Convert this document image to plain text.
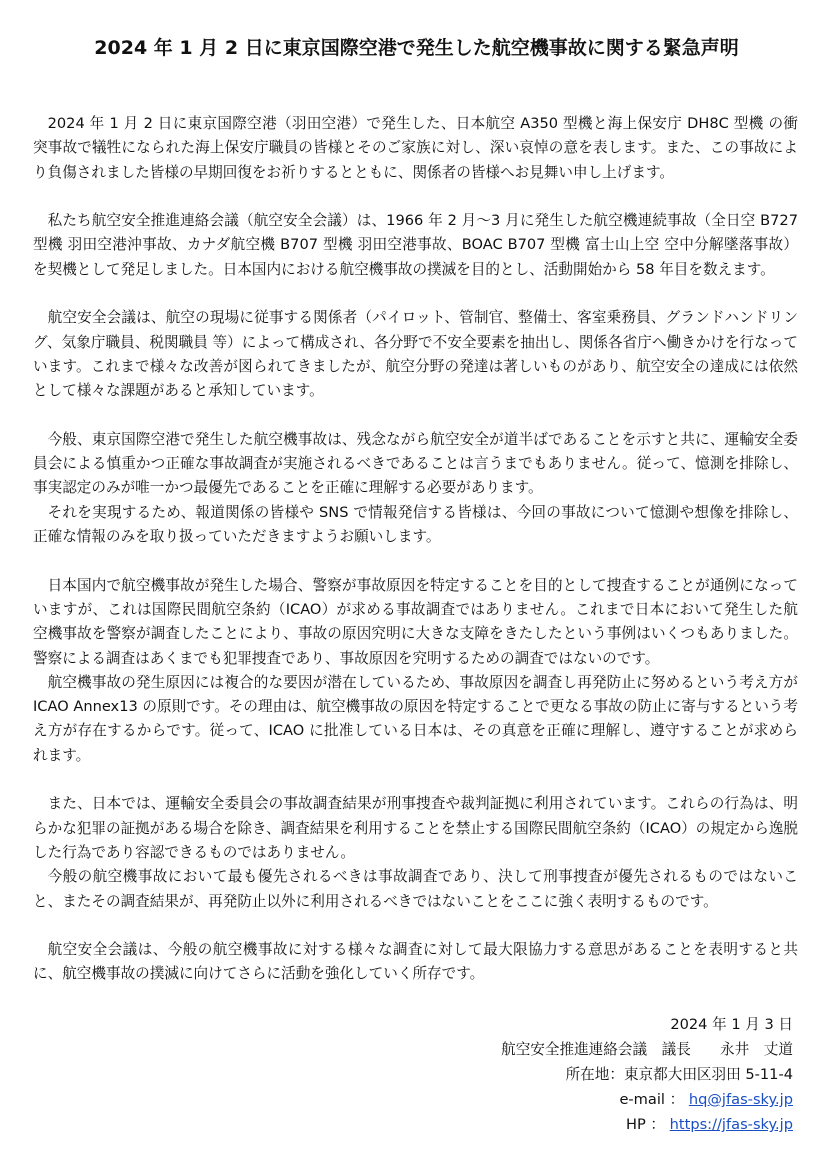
2024 年 1 月 2 日に東京国際空港で発生した航空機事故に関する緊急声明

2024 年 1 月 2 日に東京国際空港（羽田空港）で発生した、日本航空 A350 型機と海上保安庁 DH8C 型機 の衝突事故で犠牲になられた海上保安庁職員の皆様とそのご家族に対し、深い哀悼の意を表します。また、この事故により負傷されました皆様の早期回復をお祈りするとともに、関係者の皆様へお見舞い申し上げます。

私たち航空安全推進連絡会議（航空安全会議）は、1966 年 2 月〜3 月に発生した航空機連続事故（全日空 B727 型機 羽田空港沖事故、カナダ航空機 B707 型機 羽田空港事故、BOAC B707 型機 富士山上空 空中分解墜落事故）を契機として発足しました。日本国内における航空機事故の撲滅を目的とし、活動開始から 58 年目を数えます。

航空安全会議は、航空の現場に従事する関係者（パイロット、管制官、整備士、客室乗務員、グランドハンドリング、気象庁職員、税関職員 等）によって構成され、各分野で不安全要素を抽出し、関係各省庁へ働きかけを行なっています。これまで様々な改善が図られてきましたが、航空分野の発達は著しいものがあり、航空安全の達成には依然として様々な課題があると承知しています。

今般、東京国際空港で発生した航空機事故は、残念ながら航空安全が道半ばであることを示すと共に、運輸安全委員会による慎重かつ正確な事故調査が実施されるべきであることは言うまでもありません。従って、憶測を排除し、事実認定のみが唯一かつ最優先であることを正確に理解する必要があります。

それを実現するため、報道関係の皆様や SNS で情報発信する皆様は、今回の事故について憶測や想像を排除し、正確な情報のみを取り扱っていただきますようお願いします。

日本国内で航空機事故が発生した場合、警察が事故原因を特定することを目的として捜査することが通例になっていますが、これは国際民間航空条約（ICAO）が求める事故調査ではありません。これまで日本において発生した航空機事故を警察が調査したことにより、事故の原因究明に大きな支障をきたしたという事例はいくつもありました。警察による調査はあくまでも犯罪捜査であり、事故原因を究明するための調査ではないのです。

航空機事故の発生原因には複合的な要因が潜在しているため、事故原因を調査し再発防止に努めるという考え方が ICAO Annex13 の原則です。その理由は、航空機事故の原因を特定することで更なる事故の防止に寄与するという考え方が存在するからです。従って、ICAO に批准している日本は、その真意を正確に理解し、遵守することが求められます。

また、日本では、運輸安全委員会の事故調査結果が刑事捜査や裁判証拠に利用されています。これらの行為は、明らかな犯罪の証拠がある場合を除き、調査結果を利用することを禁止する国際民間航空条約（ICAO）の規定から逸脱した行為であり容認できるものではありません。

今般の航空機事故において最も優先されるべきは事故調査であり、決して刑事捜査が優先されるものではないこと、またその調査結果が、再発防止以外に利用されるべきではないことをここに強く表明するものです。

航空安全会議は、今般の航空機事故に対する様々な調査に対して最大限協力する意思があることを表明すると共に、航空機事故の撲滅に向けてさらに活動を強化していく所存です。

2024 年 1 月 3 日
航空安全推進連絡会議　議長　　永井　丈道
所在地：東京都大田区羽田 5-11-4
e-mail ： hq@jfas-sky.jp
HP ： https://jfas-sky.jp
